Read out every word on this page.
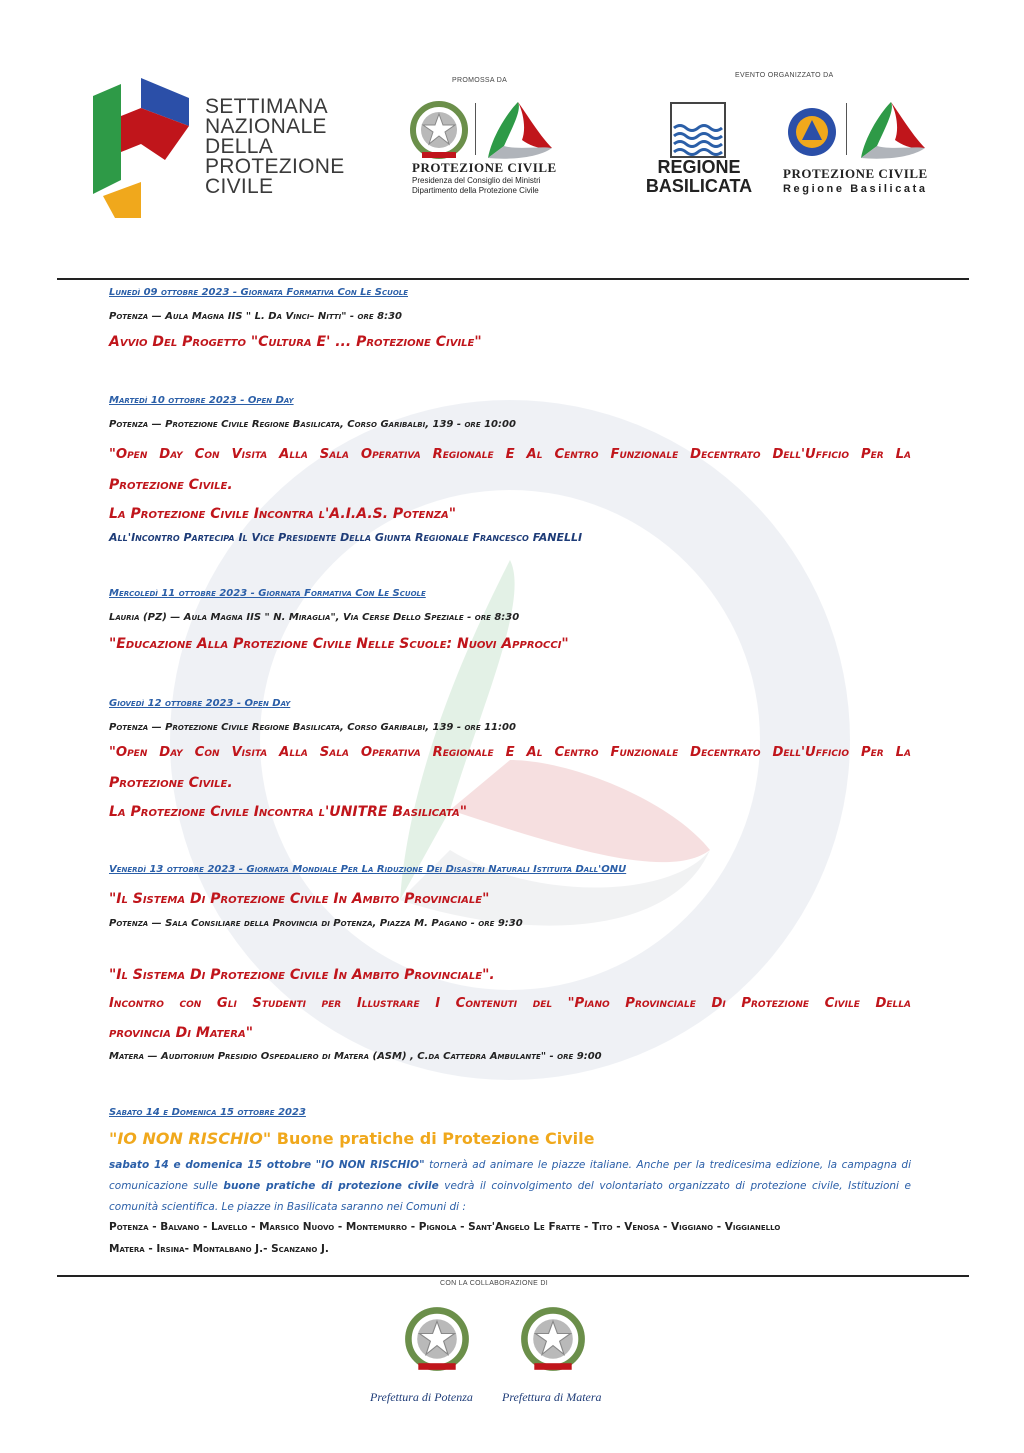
SETTIMANA
NAZIONALE
DELLA
PROTEZIONE
CIVILE
PROMOSSA DA
PROTEZIONE CIVILE
Presidenza del Consiglio dei Ministri
Dipartimento della Protezione Civile
EVENTO ORGANIZZATO DA
REGIONE
BASILICATA
PROTEZIONE CIVILE
Regione Basilicata
Lunedì 09 ottobre 2023 - Giornata Formativa Con Le Scuole
Potenza — Aula Magna IIS " L. Da Vinci– Nitti" - ore 8:30
Avvio Del Progetto "Cultura E' ... Protezione Civile"
Martedì 10 ottobre 2023 - Open Day
Potenza — Protezione Civile Regione Basilicata, Corso Garibalbi, 139 - ore 10:00
"Open Day Con Visita Alla Sala Operativa Regionale E Al Centro Funzionale Decentrato Dell'Ufficio Per La
Protezione Civile.
La Protezione Civile Incontra l'A.I.A.S. Potenza"
All'Incontro Partecipa Il Vice Presidente Della Giunta Regionale Francesco FANELLI
Mercoledì 11 ottobre 2023 - Giornata Formativa Con Le Scuole
Lauria (PZ) — Aula Magna IIS " N. Miraglia", Via Cerse Dello Speziale - ore 8:30
"Educazione Alla Protezione Civile Nelle Scuole: Nuovi Approcci"
Giovedì 12 ottobre 2023 - Open Day
Potenza — Protezione Civile Regione Basilicata, Corso Garibalbi, 139 - ore 11:00
"Open Day Con Visita Alla Sala Operativa Regionale E Al Centro Funzionale Decentrato Dell'Ufficio Per La
Protezione Civile.
La Protezione Civile Incontra l'UNITRE Basilicata"
Venerdì 13 ottobre 2023 - Giornata Mondiale Per La Riduzione Dei Disastri Naturali Istituita Dall'ONU
"Il Sistema Di Protezione Civile In Ambito Provinciale"
Potenza — Sala Consiliare della Provincia di Potenza, Piazza M. Pagano - ore 9:30
"Il Sistema Di Protezione Civile In Ambito Provinciale".
Incontro con Gli Studenti per Illustrare I Contenuti del "Piano Provinciale Di Protezione Civile Della
provincia Di Matera"
Matera — Auditorium Presidio Ospedaliero di Matera (ASM) , C.da Cattedra Ambulante" - ore 9:00
Sabato 14 e Domenica 15 ottobre 2023
"IO NON RISCHIO" Buone pratiche di Protezione Civile
sabato 14 e domenica 15 ottobre "IO NON RISCHIO" tornerà ad animare le piazze italiane. Anche per la tredicesima edizione, la campagna di comunicazione sulle buone pratiche di protezione civile vedrà il coinvolgimento del volontariato organizzato di protezione civile, Istituzioni e comunità scientifica. Le piazze in Basilicata saranno nei Comuni di :
Potenza - Balvano - Lavello - Marsico Nuovo - Montemurro - Pignola - Sant'Angelo Le Fratte - Tito - Venosa - Viggiano - Viggianello
Matera - Irsina- Montalbano J.- Scanzano J.
CON LA COLLABORAZIONE DI
Prefettura di Potenza Prefettura di Matera
